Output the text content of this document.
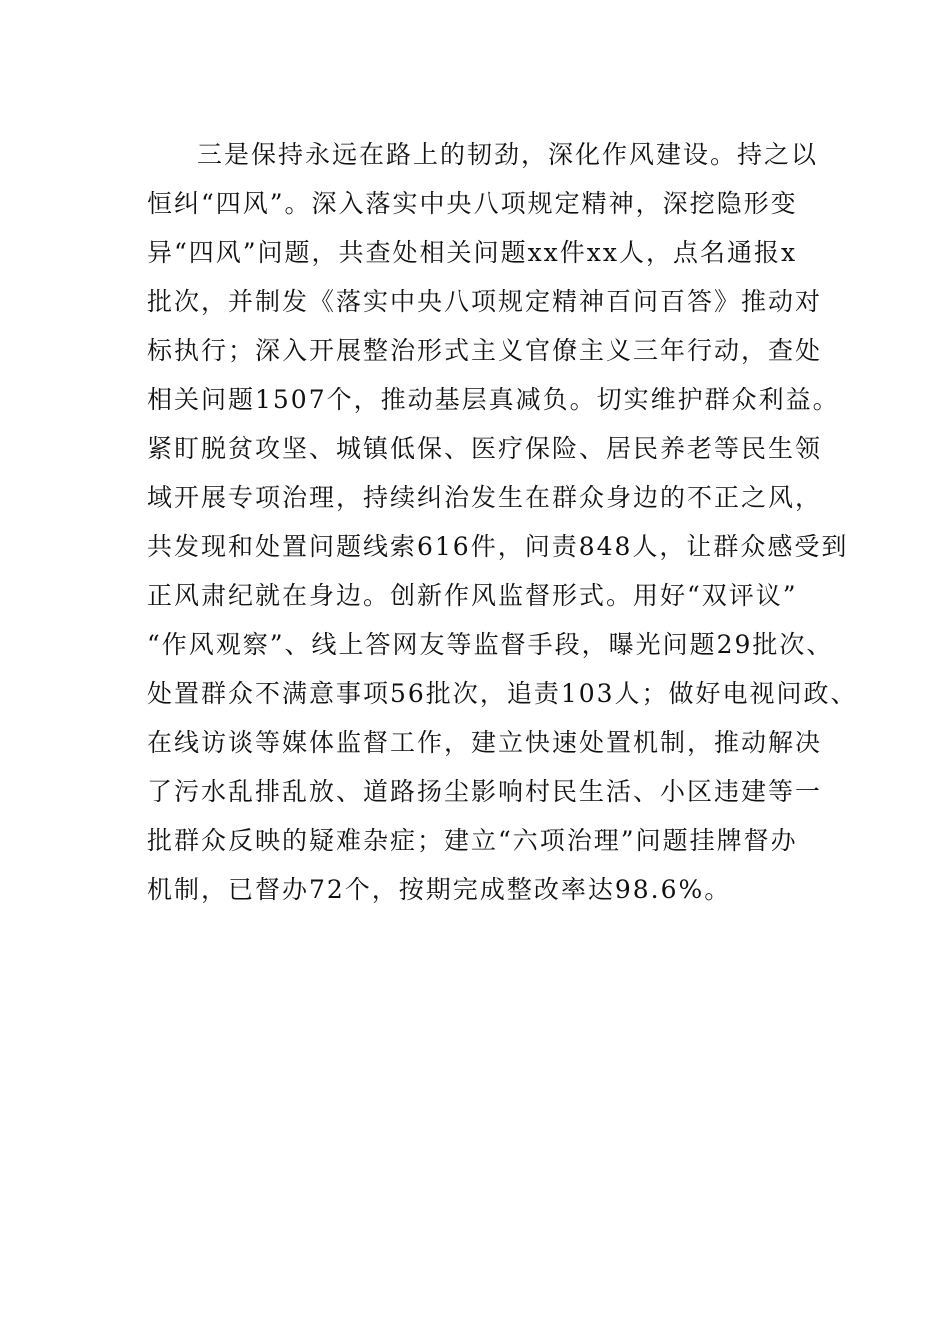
三是保持永远在路上的韧劲，深化作风建设。持之以
恒纠“四风”。深入落实中央八项规定精神，深挖隐形变
异“四风”问题，共查处相关问题xx件xx人，点名通报x
批次，并制发《落实中央八项规定精神百问百答》推动对
标执行；深入开展整治形式主义官僚主义三年行动，查处
相关问题1507个，推动基层真减负。切实维护群众利益。
紧盯脱贫攻坚、城镇低保、医疗保险、居民养老等民生领
域开展专项治理，持续纠治发生在群众身边的不正之风，
共发现和处置问题线索616件，问责848人，让群众感受到
正风肃纪就在身边。创新作风监督形式。用好“双评议”
“作风观察”、线上答网友等监督手段，曝光问题29批次、
处置群众不满意事项56批次，追责103人；做好电视问政、
在线访谈等媒体监督工作，建立快速处置机制，推动解决
了污水乱排乱放、道路扬尘影响村民生活、小区违建等一
批群众反映的疑难杂症；建立“六项治理”问题挂牌督办
机制，已督办72个，按期完成整改率达98.6%。
